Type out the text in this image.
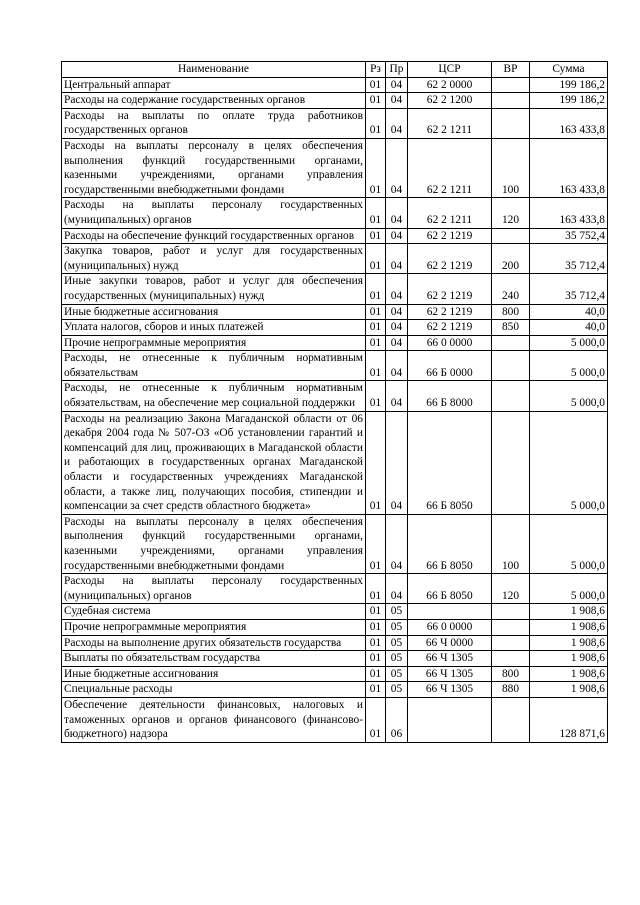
Наименование	Рз	Пр	ЦСР	ВР	Сумма
Центральный аппарат	01	04	62 2 0000		199 186,2
Расходы на содержание государственных органов	01	04	62 2 1200		199 186,2
Расходы на выплаты по оплате труда работников государственных органов	01	04	62 2 1211		163 433,8
Расходы на выплаты персоналу в целях обеспечения выполнения функций государственными органами, казенными учреждениями, органами управления государственными внебюджетными фондами	01	04	62 2 1211	100	163 433,8
Расходы на выплаты персоналу государственных (муниципальных) органов	01	04	62 2 1211	120	163 433,8
Расходы на обеспечение функций государственных органов	01	04	62 2 1219		35 752,4
Закупка товаров, работ и услуг для государственных (муниципальных) нужд	01	04	62 2 1219	200	35 712,4
Иные закупки товаров, работ и услуг для обеспечения государственных (муниципальных) нужд	01	04	62 2 1219	240	35 712,4
Иные бюджетные ассигнования	01	04	62 2 1219	800	40,0
Уплата налогов, сборов и иных платежей	01	04	62 2 1219	850	40,0
Прочие непрограммные мероприятия	01	04	66 0 0000		5 000,0
Расходы, не отнесенные к публичным нормативным обязательствам	01	04	66 Б 0000		5 000,0
Расходы, не отнесенные к публичным нормативным обязательствам, на обеспечение мер социальной поддержки	01	04	66 Б 8000		5 000,0
Расходы на реализацию Закона Магаданской области от 06 декабря 2004 года № 507-ОЗ «Об установлении гарантий и компенсаций для лиц, проживающих в Магаданской области и работающих в государственных органах Магаданской области и государственных учреждениях Магаданской области, а также лиц, получающих пособия, стипендии и компенсации за счет средств областного бюджета»	01	04	66 Б 8050		5 000,0
Расходы на выплаты персоналу в целях обеспечения выполнения функций государственными органами, казенными учреждениями, органами управления государственными внебюджетными фондами	01	04	66 Б 8050	100	5 000,0
Расходы на выплаты персоналу государственных (муниципальных) органов	01	04	66 Б 8050	120	5 000,0
Судебная система	01	05			1 908,6
Прочие непрограммные мероприятия	01	05	66 0 0000		1 908,6
Расходы на выполнение других обязательств государства	01	05	66 Ч 0000		1 908,6
Выплаты по обязательствам государства	01	05	66 Ч 1305		1 908,6
Иные бюджетные ассигнования	01	05	66 Ч 1305	800	1 908,6
Специальные расходы	01	05	66 Ч 1305	880	1 908,6
Обеспечение деятельности финансовых, налоговых и таможенных органов и органов финансового (финансово-бюджетного) надзора	01	06			128 871,6
